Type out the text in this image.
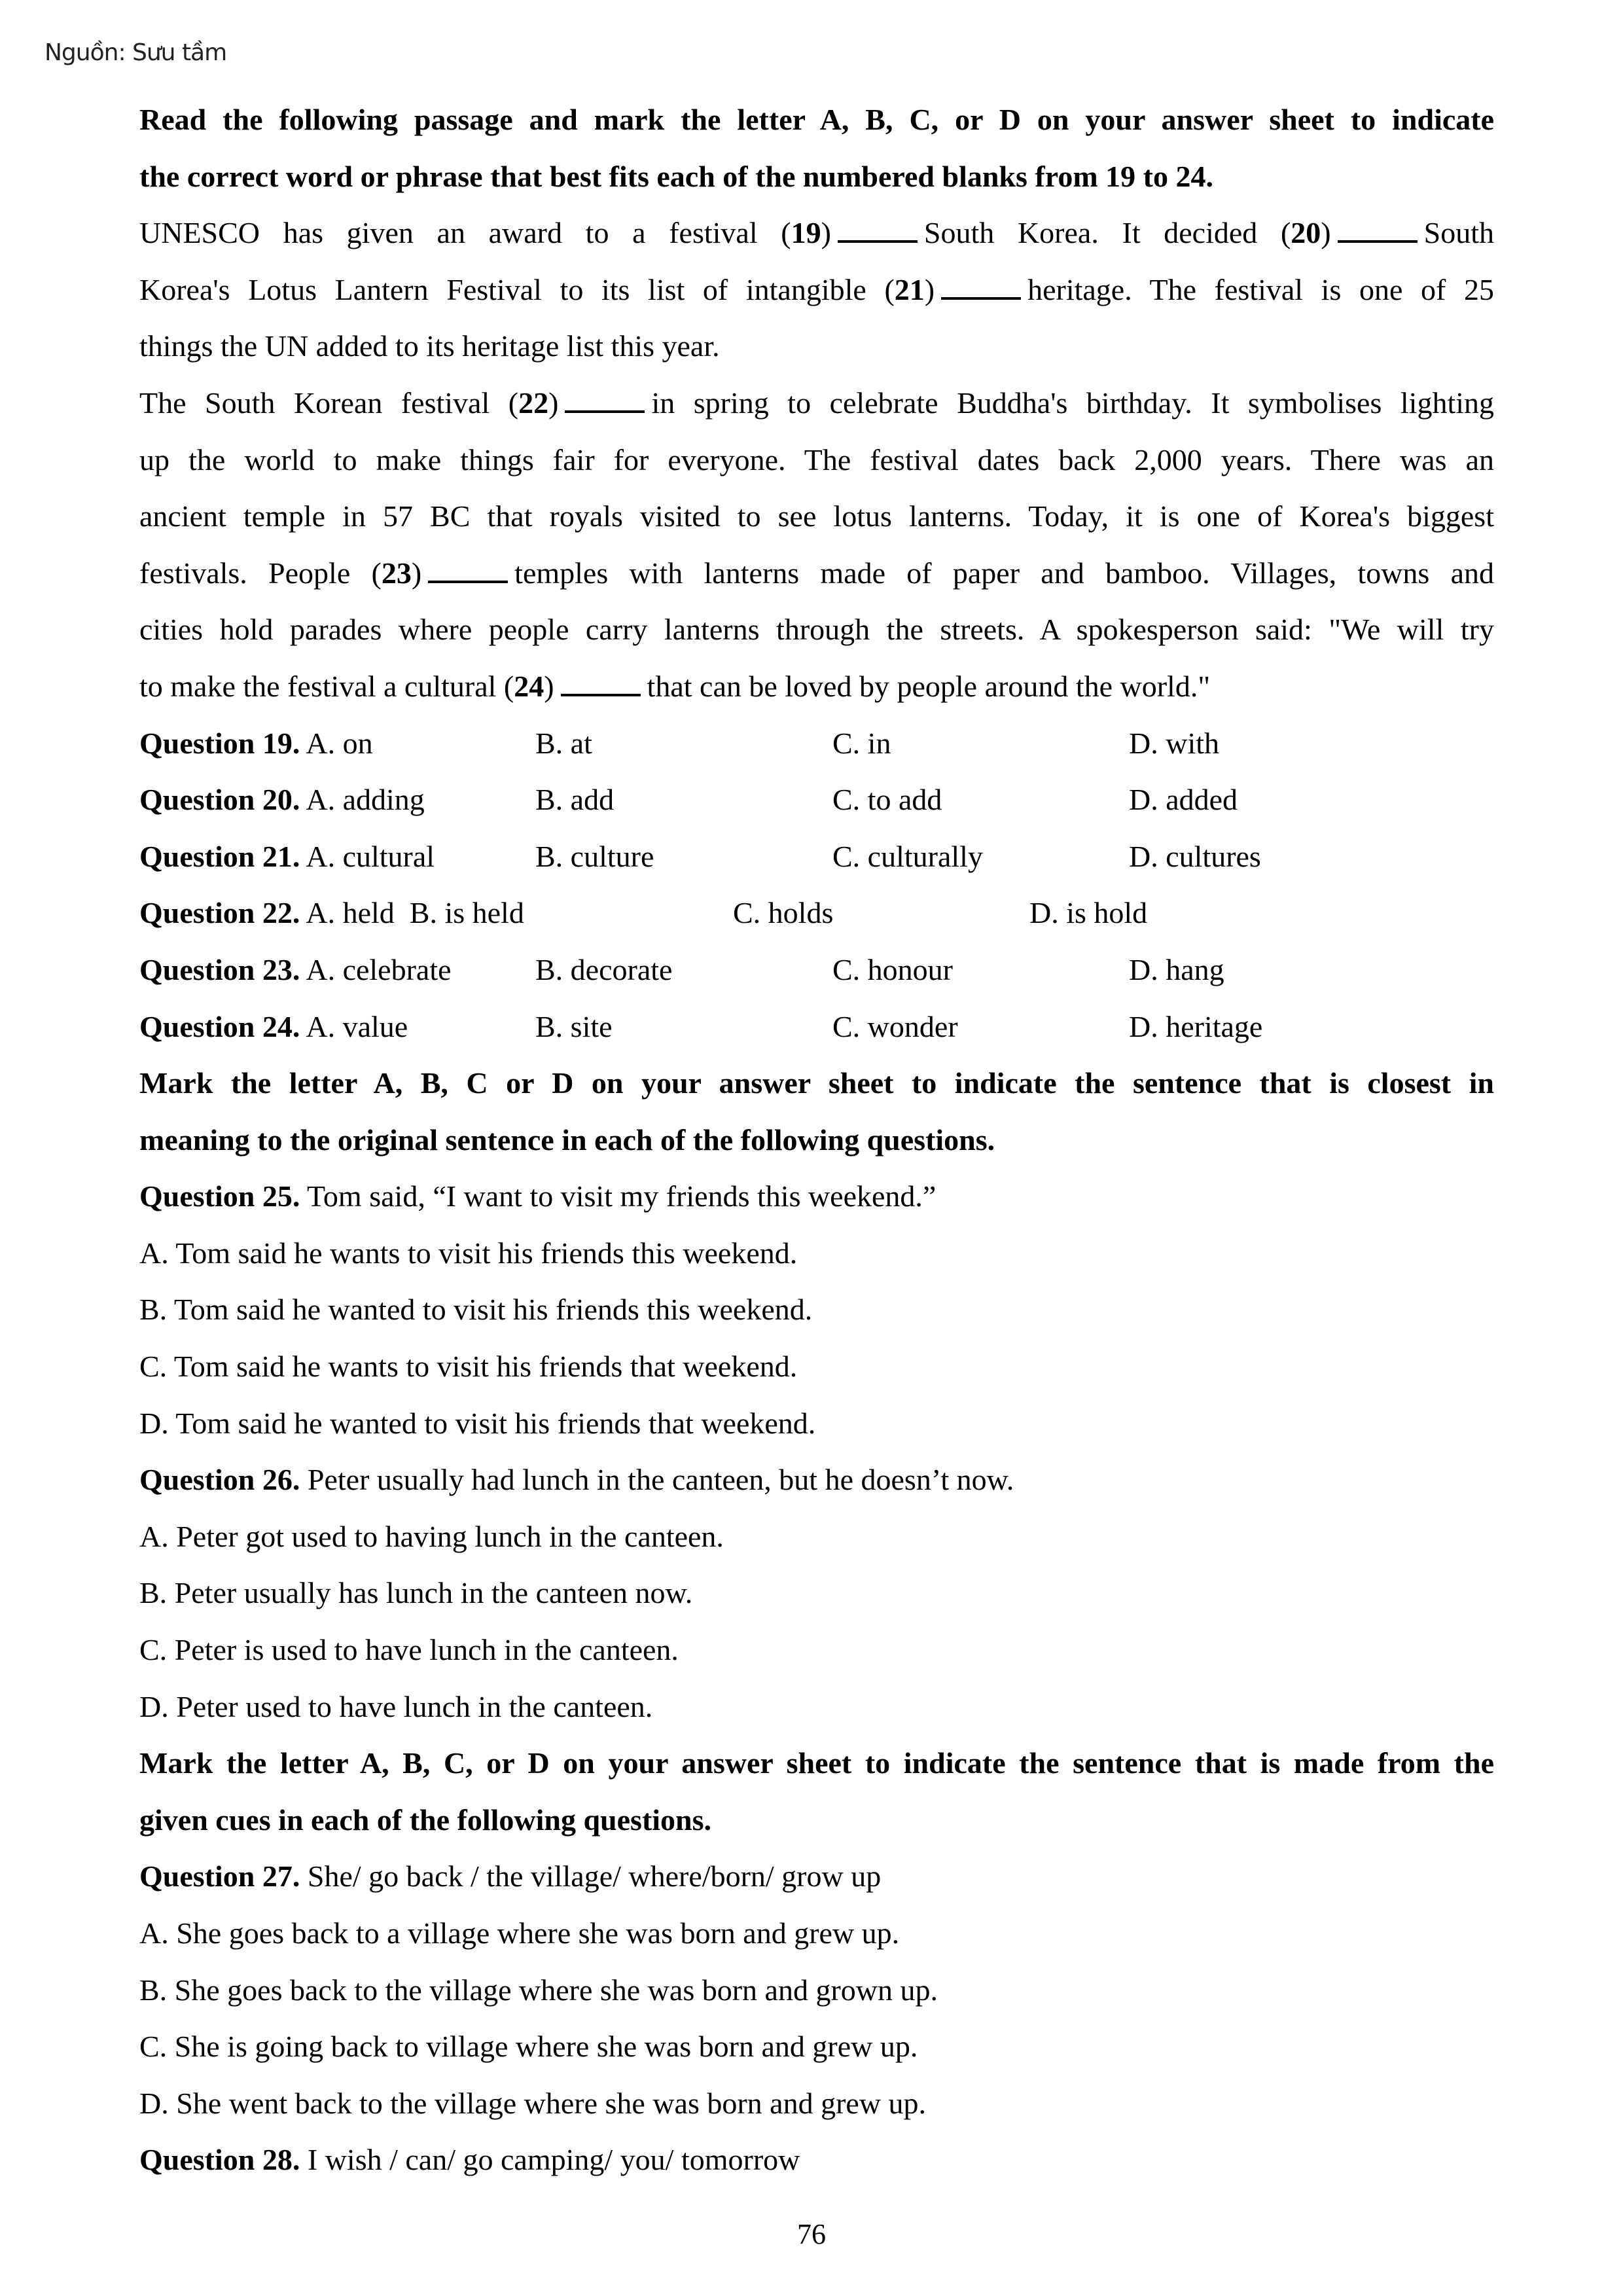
Nguồn: Sưu tầm
Read the following passage and mark the letter A, B, C, or D on your answer sheet to indicate
the correct word or phrase that best fits each of the numbered blanks from 19 to 24.
UNESCO has given an award to a festival (19)	South Korea. It decided (20)	South
Korea's Lotus Lantern Festival to its list of intangible (21)	heritage. The festival is one of 25
things the UN added to its heritage list this year.
The South Korean festival (22)	in spring to celebrate Buddha's birthday. It symbolises lighting
up the world to make things fair for everyone. The festival dates back 2,000 years. There was an
ancient temple in 57 BC that royals visited to see lotus lanterns. Today, it is one of Korea's biggest
festivals. People (23)	temples with lanterns made of paper and bamboo. Villages, towns and
cities hold parades where people carry lanterns through the streets. A spokesperson said: "We will try
to make the festival a cultural (24)	that can be loved by people around the world."
Question 19. A. on	B. at	C. in	D. with
Question 20. A. adding	B. add	C. to add	D. added
Question 21. A. cultural	B. culture	C. culturally	D. cultures
Question 22. A. held B. is held	C. holds	D. is hold
Question 23. A. celebrate	B. decorate	C. honour	D. hang
Question 24. A. value	B. site	C. wonder	D. heritage
Mark the letter A, B, C or D on your answer sheet to indicate the sentence that is closest in
meaning to the original sentence in each of the following questions.
Question 25. Tom said, “I want to visit my friends this weekend.”
A. Tom said he wants to visit his friends this weekend.
B. Tom said he wanted to visit his friends this weekend.
C. Tom said he wants to visit his friends that weekend.
D. Tom said he wanted to visit his friends that weekend.
Question 26. Peter usually had lunch in the canteen, but he doesn’t now.
A. Peter got used to having lunch in the canteen.
B. Peter usually has lunch in the canteen now.
C. Peter is used to have lunch in the canteen.
D. Peter used to have lunch in the canteen.
Mark the letter A, B, C, or D on your answer sheet to indicate the sentence that is made from the
given cues in each of the following questions.
Question 27. She/ go back / the village/ where/born/ grow up
A. She goes back to a village where she was born and grew up.
B. She goes back to the village where she was born and grown up.
C. She is going back to village where she was born and grew up.
D. She went back to the village where she was born and grew up.
Question 28. I wish / can/ go camping/ you/ tomorrow
76
